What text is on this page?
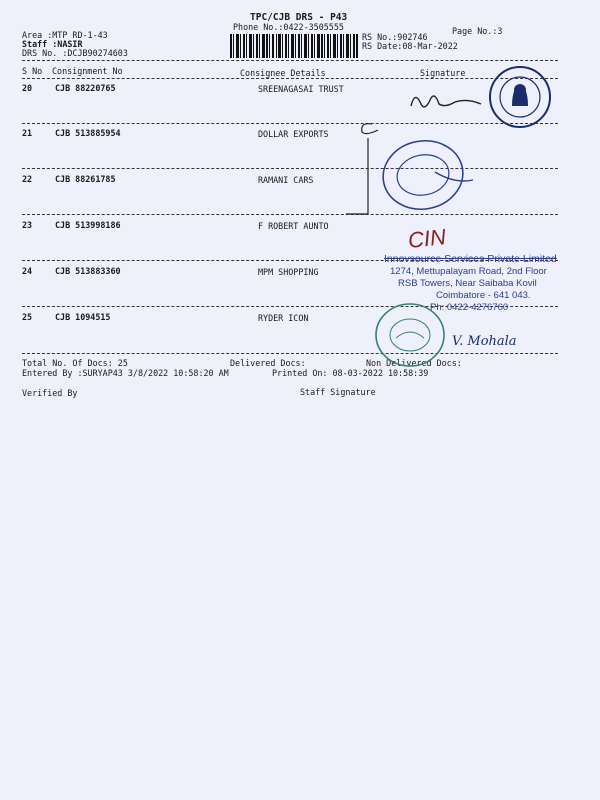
TPC/CJB DRS - P43
Phone No.:0422-3505555	Page No.:3
Area :MTP RD-1-43
Staff :NASIR
DRS No. :DCJB90274603
RS No.:902746
RS Date:08-Mar-2022
S No Consignment No	Consignee Details	Signature
20	CJB 88220765	SREENAGASAI TRUST
21	CJB 513885954	DOLLAR EXPORTS
22	CJB 88261785	RAMANI CARS
23	CJB 513998186	F ROBERT AUNTO
24	CJB 513883360	MPM SHOPPING
25	CJB 1094515	RYDER ICON
Total No. Of Docs: 25	Delivered Docs:	Non Delivered Docs:
Entered By :SURYAP43 3/8/2022 10:58:20 AM	Printed On: 08-03-2022 10:58:39
Verified By	Staff Signature
CIN
Innovsource Services Private Limited
1274, Mettupalayam Road, 2nd Floor
RSB Towers, Near Saibaba Kovil
Coimbatore - 641 043.
Ph: 0422-4276760
V. Mohala
